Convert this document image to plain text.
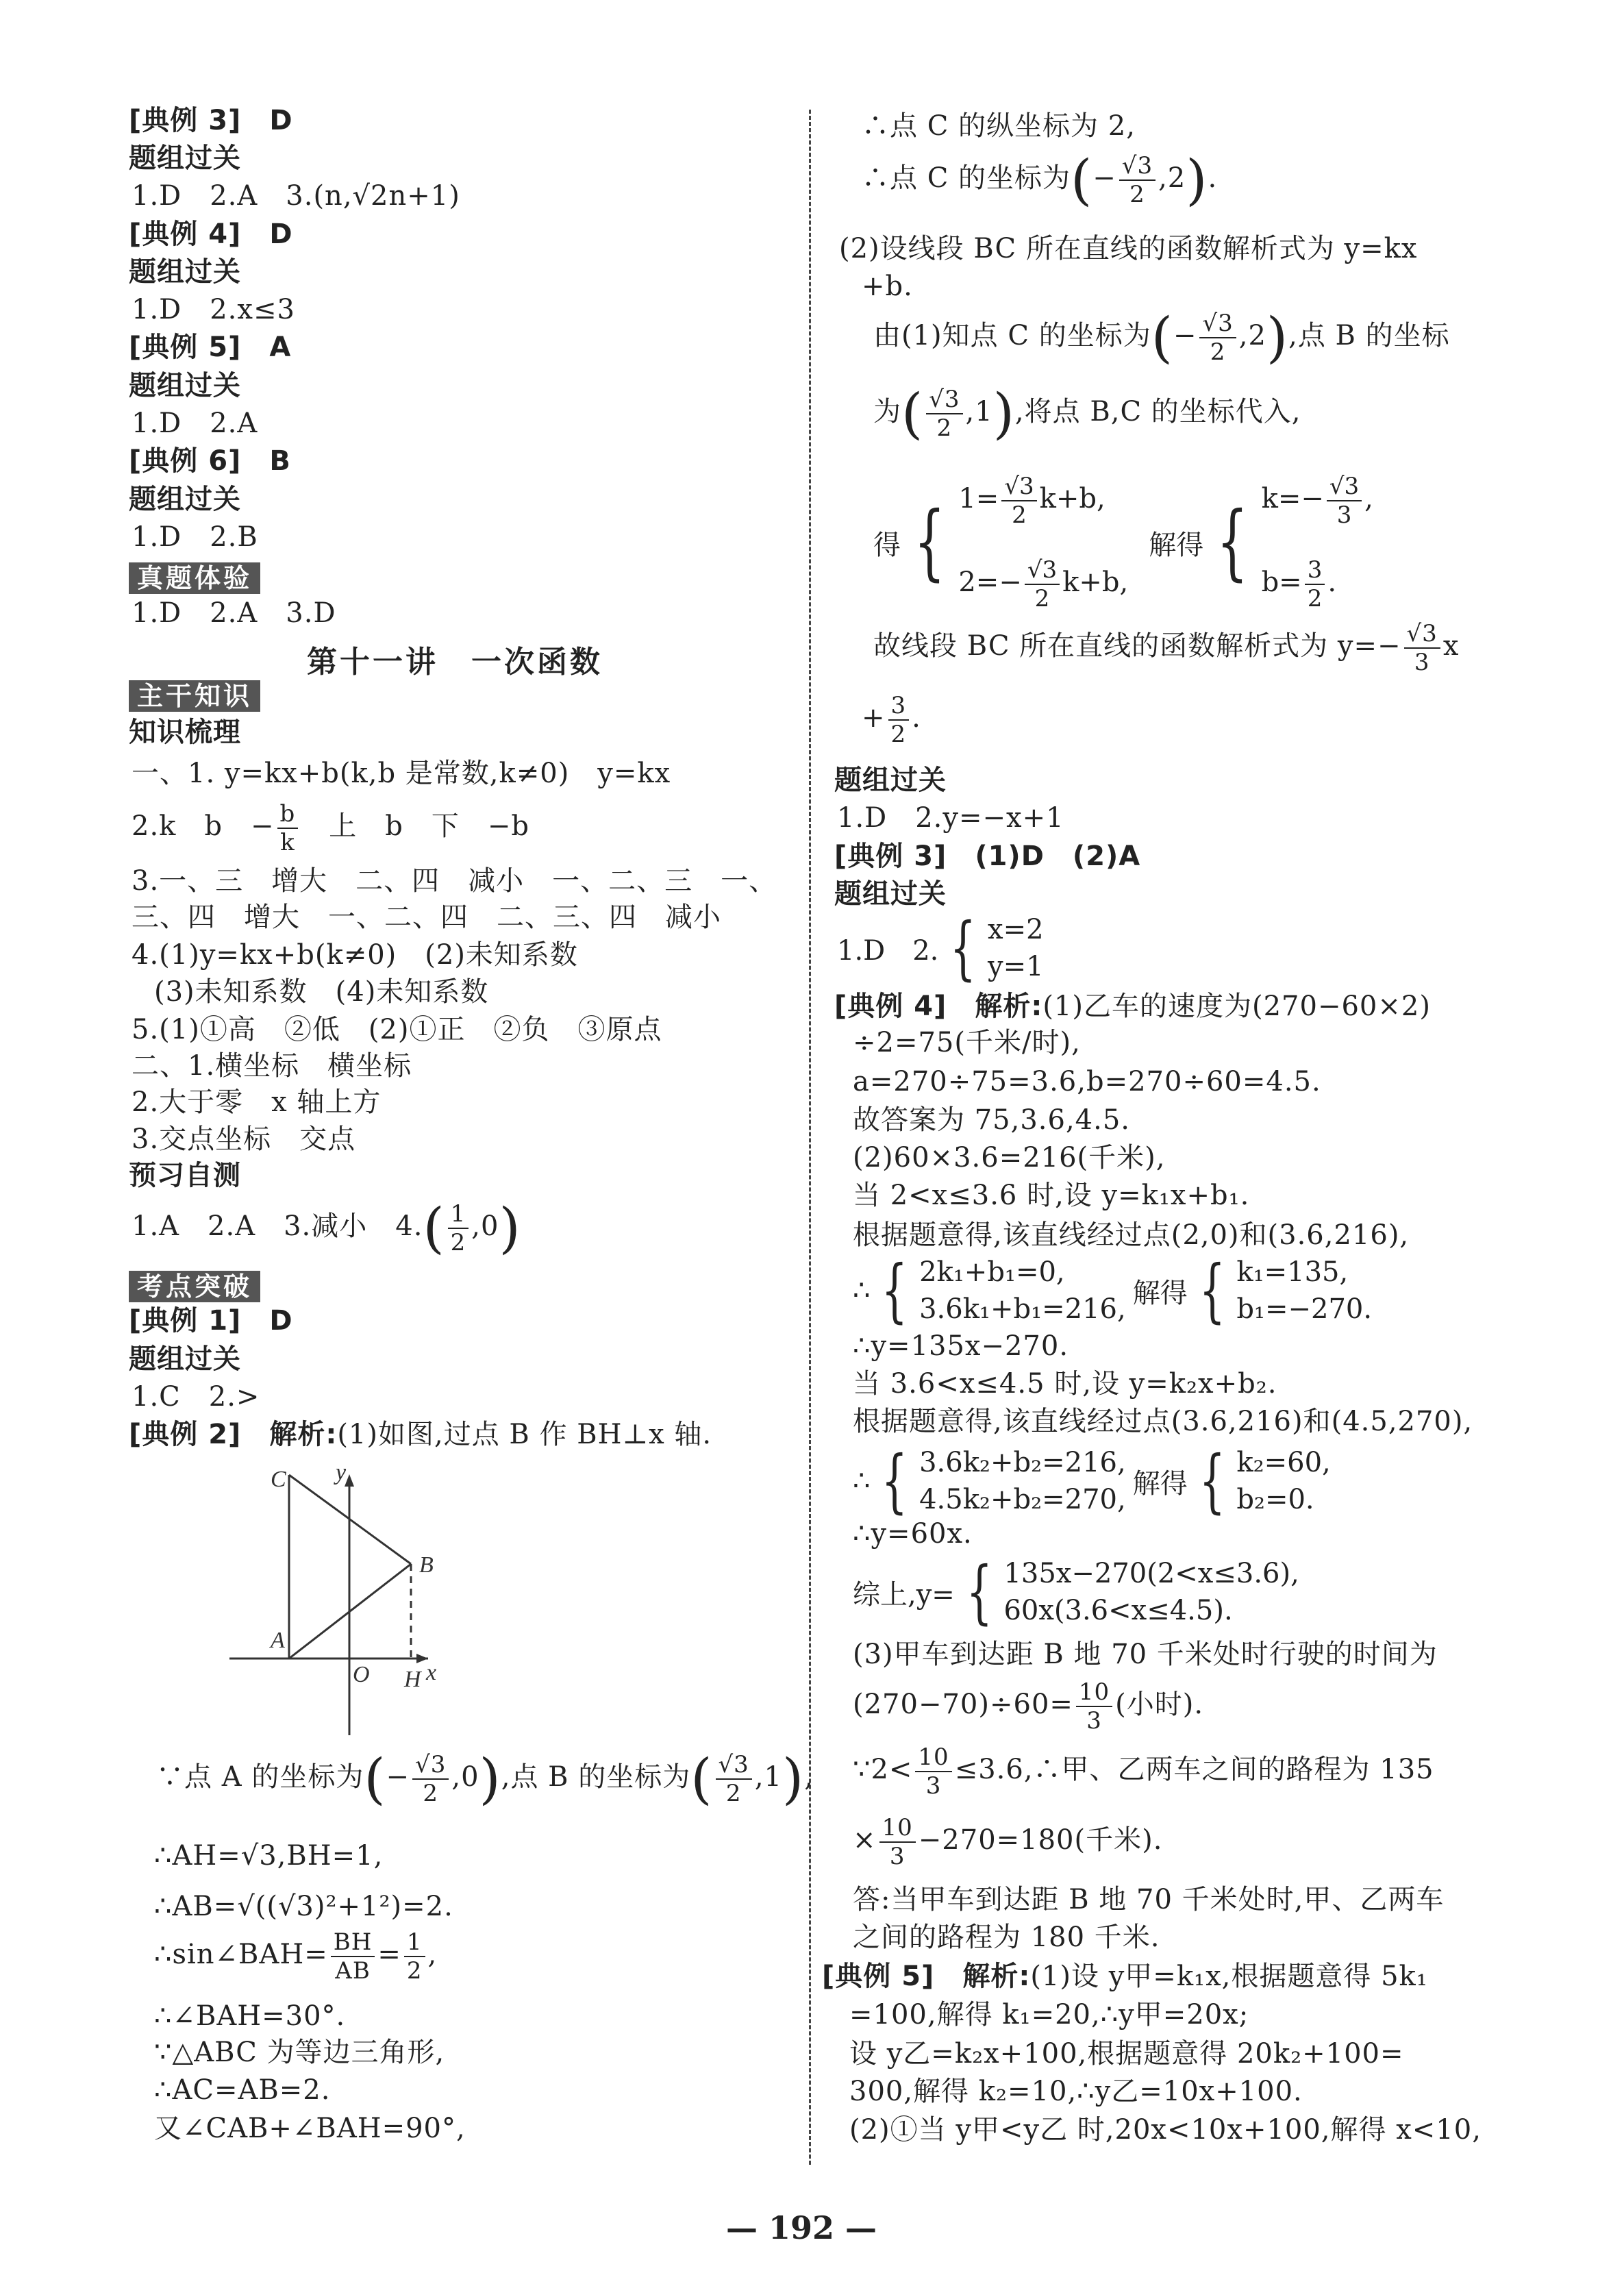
[典例 3]　D
题组过关
1.D　2.A　3.(n,√2n+1)
[典例 4]　D
题组过关
1.D　2.x≤3
[典例 5]　A
题组过关
1.D　2.A
[典例 6]　B
题组过关
1.D　2.B
真题体验
1.D　2.A　3.D
第十一讲　一次函数
主干知识
知识梳理
一、1. y=kx+b(k,b 是常数,k≠0)　y=kx
2.k　b　− $\frac{b}{k}$ 　上　b　下　−b
3.一、三　增大　二、四　减小　一、二、三　一、
三、四　增大　一、二、四　二、三、四　减小
4.(1)y=kx+b(k≠0)　(2)未知系数
(3)未知系数　(4)未知系数
5.(1)①高　②低　(2)①正　②负　③原点
二、1.横坐标　横坐标
2.大于零　x 轴上方
3.交点坐标　交点
预习自测
1.A　2.A　3.减小　$4.( \frac{1}{2} ,0)$
考点突破
[典例 1]　D
题组过关
1.C　2.>
[典例 2]　解析:(1)如图,过点 B 作 BH⊥x 轴.
C y
B
A
O H x
∵点 A 的坐标为(− $\frac{√3}{2} ,0$),点 B 的坐标为( $\frac{√3}{2} ,1$),
∴AH=√3,BH=1,
∴AB=√((√3)²+1²)=2.
∴sin∠BAH= $\frac{BH}{AB} = \frac{1}{2}$ ,
∴∠BAH=30°.
∵△ABC 为等边三角形,
∴AC=AB=2.
又∠CAB+∠BAH=90°,
∴点 C 的纵坐标为 2,
∴点 C 的坐标为(− $\frac{√3}{2} ,2$).
(2)设线段 BC 所在直线的函数解析式为 y=kx
+b.
由(1)知点 C 的坐标为(− $\frac{√3}{2} ,2$),点 B 的坐标
为( $\frac{√3}{2} ,1$),将点 B,C 的坐标代入,
得 { $1= \frac{√3}{2} k+b$,
$2=- \frac{√3}{2} k+b$,
解得 { $k=- \frac{√3}{3}$ ,
$b= \frac{3}{2}$ .
故线段 BC 所在直线的函数解析式为 $y=- \frac{√3}{3}$ x
+ $\frac{3}{2}$ .
题组过关
1.D　2.y=−x+1
[典例 3]　(1)D　(2)A
题组过关
1.D　2. { x=2
y=1
[典例 4]　解析:(1)乙车的速度为(270−60×2)
÷2=75(千米/时),
a=270÷75=3.6,b=270÷60=4.5.
故答案为 75,3.6,4.5.
(2)60×3.6=216(千米),
当 2<x≤3.6 时,设 y=k₁x+b₁.
根据题意得,该直线经过点(2,0)和(3.6,216),
∴ { 2k₁+b₁=0,
3.6k₁+b₁=216,
解得 { k₁=135,
b₁=−270.
∴y=135x−270.
当 3.6<x≤4.5 时,设 y=k₂x+b₂.
根据题意得,该直线经过点(3.6,216)和(4.5,270),
∴ { 3.6k₂+b₂=216,
4.5k₂+b₂=270,
解得 { k₂=60,
b₂=0.
∴y=60x.
综上,y= { 135x−270(2<x≤3.6),
60x(3.6<x≤4.5).
(3)甲车到达距 B 地 70 千米处时行驶的时间为
$(270-70)\div 60= \frac{10}{3}$ (小时).
∵2< $\frac{10}{3}$ ≤3.6,∴甲、乙两车之间的路程为 135
× $\frac{10}{3} -270=180$(千米).
答:当甲车到达距 B 地 70 千米处时,甲、乙两车
之间的路程为 180 千米.
[典例 5]　解析:(1)设 y甲=k₁x,根据题意得 5k₁
=100,解得 k₁=20,∴y甲=20x;
设 y乙=k₂x+100,根据题意得 20k₂+100=
300,解得 k₂=10,∴y乙=10x+100.
(2)①当 y甲<y乙 时,20x<10x+100,解得 x<10,
— 192 —
